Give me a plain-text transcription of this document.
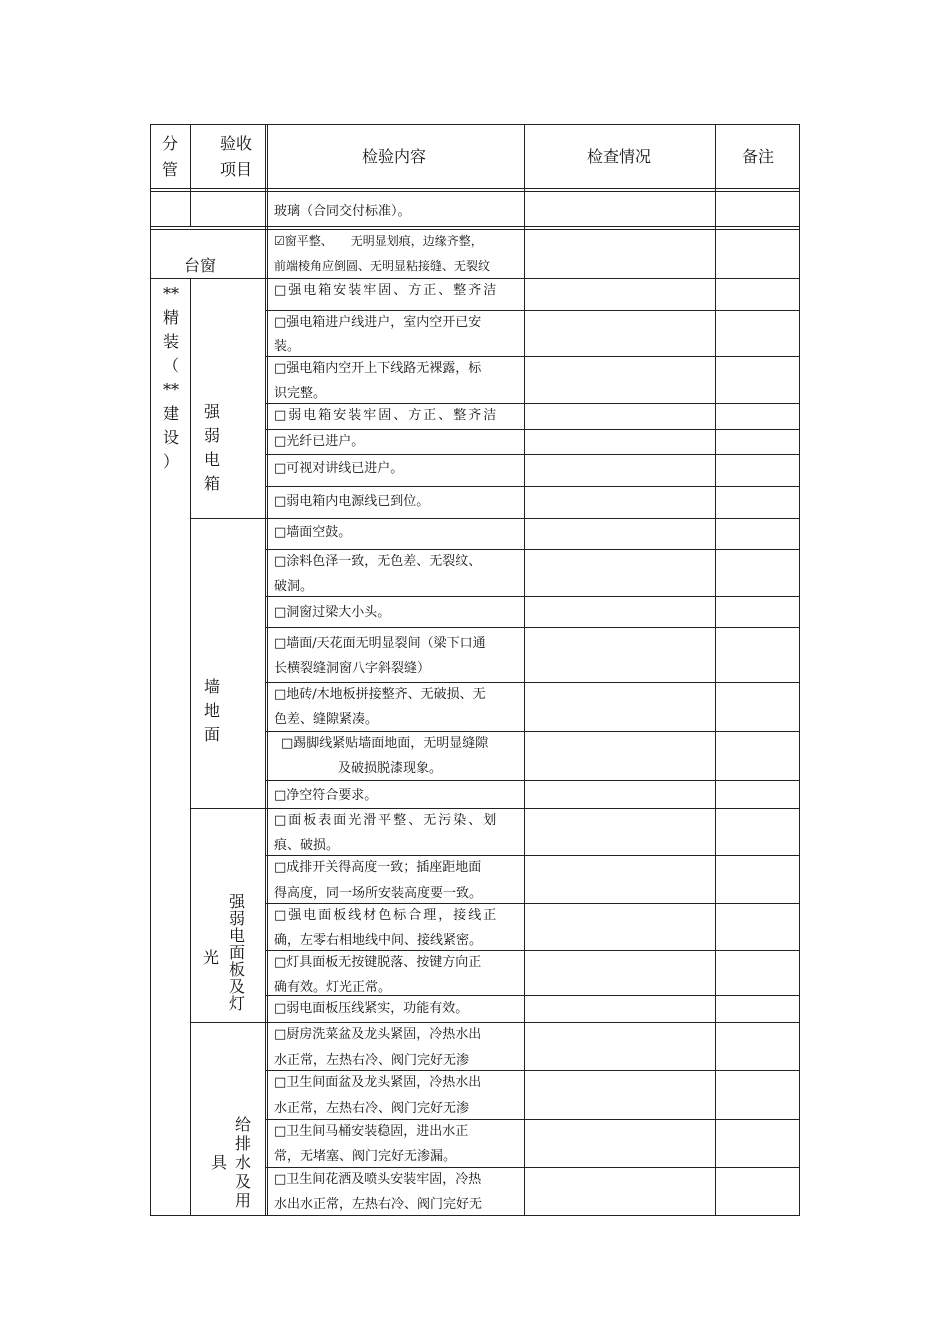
分
管
验收
项目
检验内容	检查情况	备注
**
精
装
（
**
建
设
）
台窗
强
弱
电
箱
墙
地
面
光
强
弱
电
面
板
及
灯
具
给
排
水
及
用
玻璃（合同交付标准）。
☑窗平整、　　无明显划痕，边缘齐整，
前端棱角应倒圆、无明显粘接缝、无裂纹
□强电箱安装牢固、方正、整齐洁
□强电箱进户线进户，室内空开已安
装。
□强电箱内空开上下线路无裸露，标
识完整。
□弱电箱安装牢固、方正、整齐洁
□光纤已进户。
□可视对讲线已进户。
□弱电箱内电源线已到位。
□墙面空鼓。
□涂料色泽一致，无色差、无裂纹、
破洞。
□洞窗过梁大小头。
□墙面/天花面无明显裂间（梁下口通
长横裂缝洞窗八字斜裂缝）
□地砖/木地板拼接整齐、无破损、无
色差、缝隙紧凑。
□踢脚线紧贴墙面地面，无明显缝隙
及破损脱漆现象。
□净空符合要求。
□面板表面光滑平整、无污染、划
痕、破损。
□成排开关得高度一致；插座距地面
得高度，同一场所安装高度要一致。
□强电面板线材色标合理，接线正
确，左零右相地线中间、接线紧密。
□灯具面板无按键脱落、按键方向正
确有效。灯光正常。
□弱电面板压线紧实，功能有效。
□厨房洗菜盆及龙头紧固，冷热水出
水正常，左热右冷、阀门完好无渗
□卫生间面盆及龙头紧固，冷热水出
水正常，左热右冷、阀门完好无渗
□卫生间马桶安装稳固，进出水正
常，无堵塞、阀门完好无渗漏。
□卫生间花洒及喷头安装牢固，冷热
水出水正常，左热右冷、阀门完好无
